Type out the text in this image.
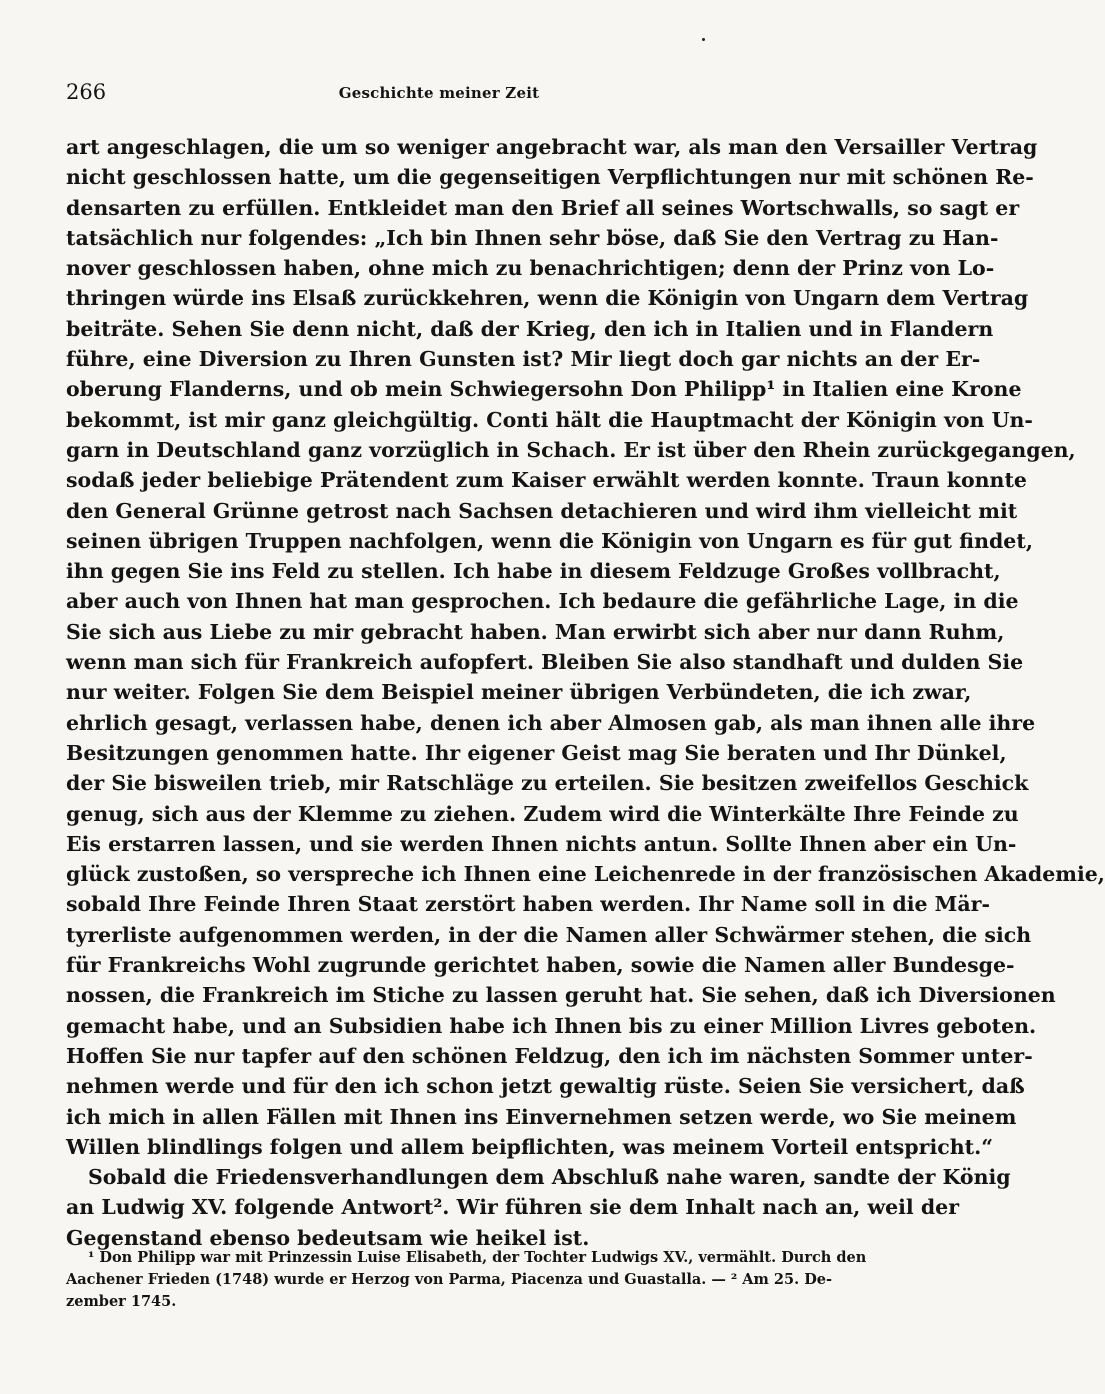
266	Geschichte meiner Zeit
art angeschlagen, die um so weniger angebracht war, als man den Versailler Vertrag
nicht geschlossen hatte, um die gegenseitigen Verpflichtungen nur mit schönen Re-
densarten zu erfüllen. Entkleidet man den Brief all seines Wortschwalls, so sagt er
tatsächlich nur folgendes: „Ich bin Ihnen sehr böse, daß Sie den Vertrag zu Han-
nover geschlossen haben, ohne mich zu benachrichtigen; denn der Prinz von Lo-
thringen würde ins Elsaß zurückkehren, wenn die Königin von Ungarn dem Vertrag
beiträte. Sehen Sie denn nicht, daß der Krieg, den ich in Italien und in Flandern
führe, eine Diversion zu Ihren Gunsten ist? Mir liegt doch gar nichts an der Er-
oberung Flanderns, und ob mein Schwiegersohn Don Philipp¹ in Italien eine Krone
bekommt, ist mir ganz gleichgültig. Conti hält die Hauptmacht der Königin von Un-
garn in Deutschland ganz vorzüglich in Schach. Er ist über den Rhein zurückgegangen,
sodaß jeder beliebige Prätendent zum Kaiser erwählt werden konnte. Traun konnte
den General Grünne getrost nach Sachsen detachieren und wird ihm vielleicht mit
seinen übrigen Truppen nachfolgen, wenn die Königin von Ungarn es für gut findet,
ihn gegen Sie ins Feld zu stellen. Ich habe in diesem Feldzuge Großes vollbracht,
aber auch von Ihnen hat man gesprochen. Ich bedaure die gefährliche Lage, in die
Sie sich aus Liebe zu mir gebracht haben. Man erwirbt sich aber nur dann Ruhm,
wenn man sich für Frankreich aufopfert. Bleiben Sie also standhaft und dulden Sie
nur weiter. Folgen Sie dem Beispiel meiner übrigen Verbündeten, die ich zwar,
ehrlich gesagt, verlassen habe, denen ich aber Almosen gab, als man ihnen alle ihre
Besitzungen genommen hatte. Ihr eigener Geist mag Sie beraten und Ihr Dünkel,
der Sie bisweilen trieb, mir Ratschläge zu erteilen. Sie besitzen zweifellos Geschick
genug, sich aus der Klemme zu ziehen. Zudem wird die Winterkälte Ihre Feinde zu
Eis erstarren lassen, und sie werden Ihnen nichts antun. Sollte Ihnen aber ein Un-
glück zustoßen, so verspreche ich Ihnen eine Leichenrede in der französischen Akademie,
sobald Ihre Feinde Ihren Staat zerstört haben werden. Ihr Name soll in die Mär-
tyrerliste aufgenommen werden, in der die Namen aller Schwärmer stehen, die sich
für Frankreichs Wohl zugrunde gerichtet haben, sowie die Namen aller Bundesge-
nossen, die Frankreich im Stiche zu lassen geruht hat. Sie sehen, daß ich Diversionen
gemacht habe, und an Subsidien habe ich Ihnen bis zu einer Million Livres geboten.
Hoffen Sie nur tapfer auf den schönen Feldzug, den ich im nächsten Sommer unter-
nehmen werde und für den ich schon jetzt gewaltig rüste. Seien Sie versichert, daß
ich mich in allen Fällen mit Ihnen ins Einvernehmen setzen werde, wo Sie meinem
Willen blindlings folgen und allem beipflichten, was meinem Vorteil entspricht.“
Sobald die Friedensverhandlungen dem Abschluß nahe waren, sandte der König
an Ludwig XV. folgende Antwort². Wir führen sie dem Inhalt nach an, weil der
Gegenstand ebenso bedeutsam wie heikel ist.
¹ Don Philipp war mit Prinzessin Luise Elisabeth, der Tochter Ludwigs XV., vermählt. Durch den
Aachener Frieden (1748) wurde er Herzog von Parma, Piacenza und Guastalla. — ² Am 25. De-
zember 1745.
